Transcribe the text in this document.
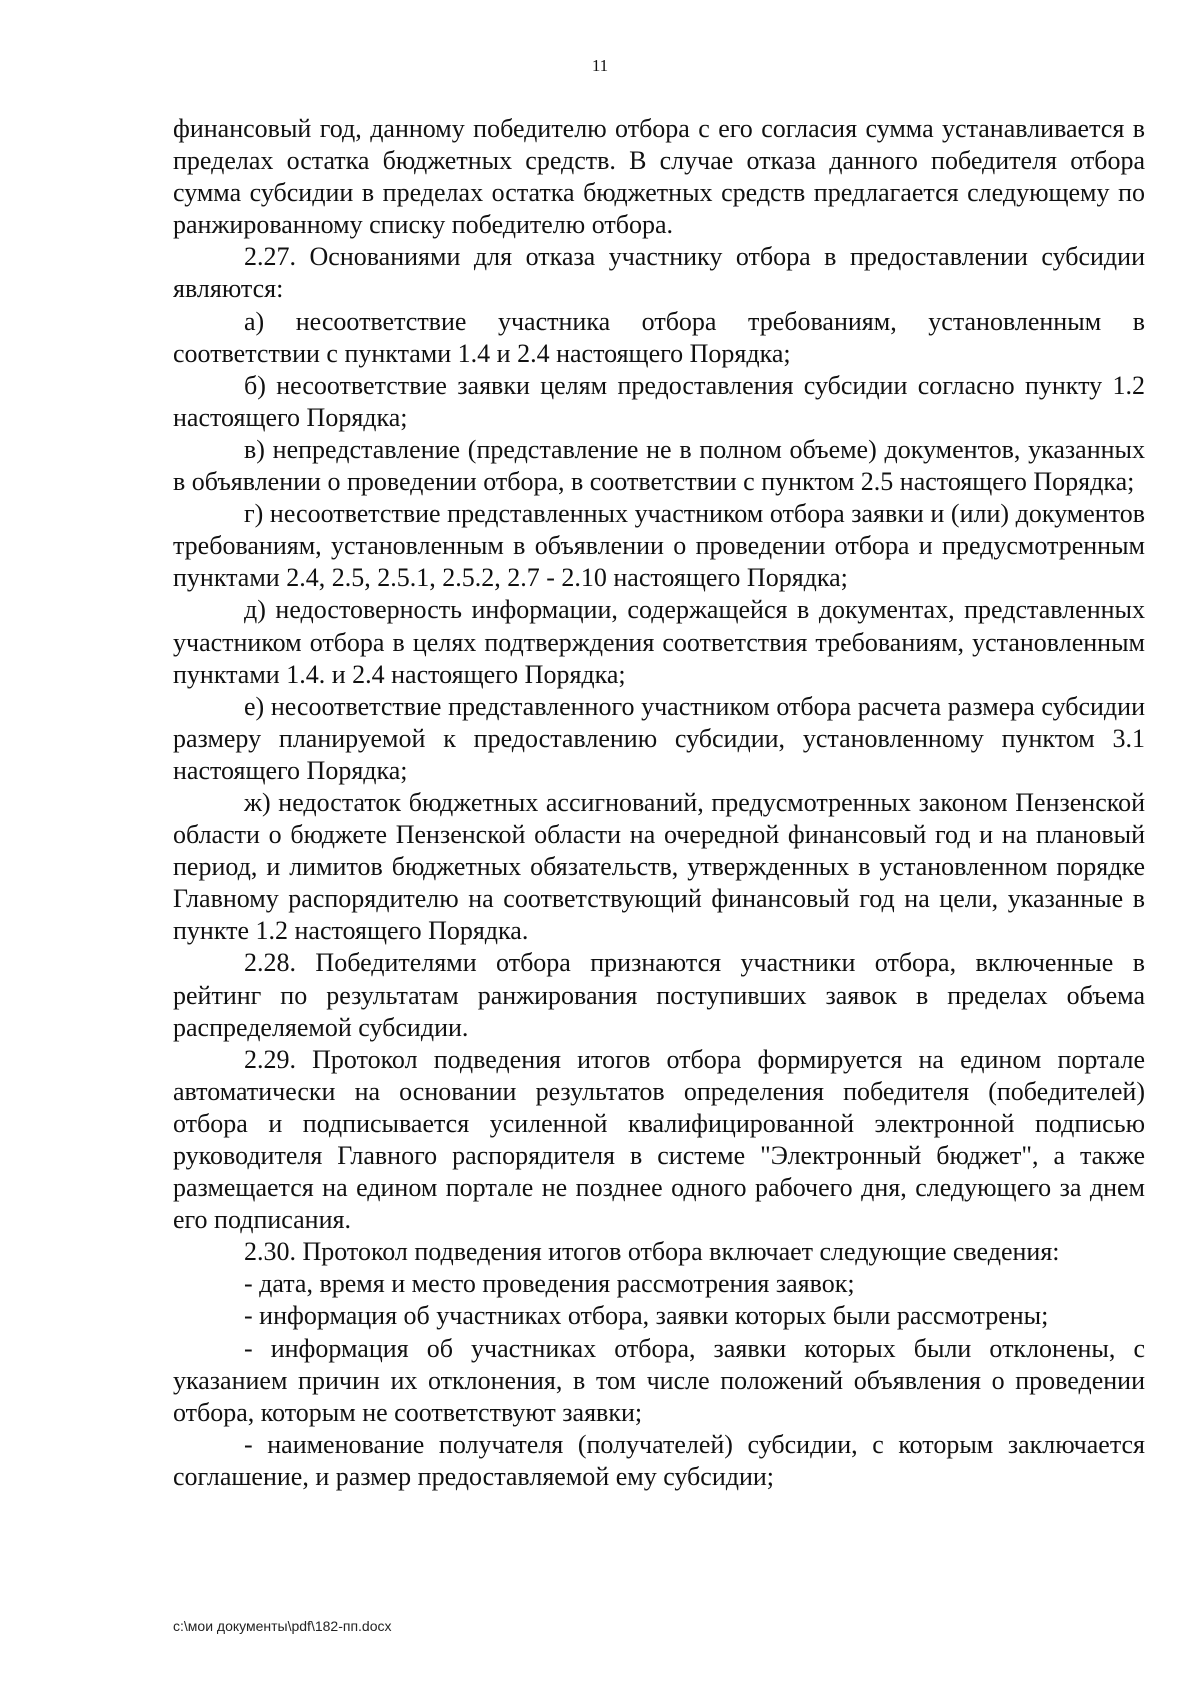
11

финансовый год, данному победителю отбора с его согласия сумма устанавливается в пределах остатка бюджетных средств. В случае отказа данного победителя отбора сумма субсидии в пределах остатка бюджетных средств предлагается следующему по ранжированному списку победителю отбора.

2.27. Основаниями для отказа участнику отбора в предоставлении субсидии являются:

а) несоответствие участника отбора требованиям, установленным в соответствии с пунктами 1.4 и 2.4 настоящего Порядка;

б) несоответствие заявки целям предоставления субсидии согласно пункту 1.2 настоящего Порядка;

в) непредставление (представление не в полном объеме) документов, указанных в объявлении о проведении отбора, в соответствии с пунктом 2.5 настоящего Порядка;

г) несоответствие представленных участником отбора заявки и (или) документов требованиям, установленным в объявлении о проведении отбора и предусмотренным пунктами 2.4, 2.5, 2.5.1, 2.5.2, 2.7 - 2.10 настоящего Порядка;

д) недостоверность информации, содержащейся в документах, представленных участником отбора в целях подтверждения соответствия требованиям, установленным пунктами 1.4. и 2.4 настоящего Порядка;

е) несоответствие представленного участником отбора расчета размера субсидии размеру планируемой к предоставлению субсидии, установленному пунктом 3.1 настоящего Порядка;

ж) недостаток бюджетных ассигнований, предусмотренных законом Пензенской области о бюджете Пензенской области на очередной финансовый год и на плановый период, и лимитов бюджетных обязательств, утвержденных в установленном порядке Главному распорядителю на соответствующий финансовый год на цели, указанные в пункте 1.2 настоящего Порядка.

2.28. Победителями отбора признаются участники отбора, включенные в рейтинг по результатам ранжирования поступивших заявок в пределах объема распределяемой субсидии.

2.29. Протокол подведения итогов отбора формируется на едином портале автоматически на основании результатов определения победителя (победителей) отбора и подписывается усиленной квалифицированной электронной подписью руководителя Главного распорядителя в системе "Электронный бюджет", а также размещается на едином портале не позднее одного рабочего дня, следующего за днем его подписания.

2.30. Протокол подведения итогов отбора включает следующие сведения:

- дата, время и место проведения рассмотрения заявок;

- информация об участниках отбора, заявки которых были рассмотрены;

- информация об участниках отбора, заявки которых были отклонены, с указанием причин их отклонения, в том числе положений объявления о проведении отбора, которым не соответствуют заявки;

- наименование получателя (получателей) субсидии, с которым заключается соглашение, и размер предоставляемой ему субсидии;

c:\мои документы\pdf\182-пп.docx
